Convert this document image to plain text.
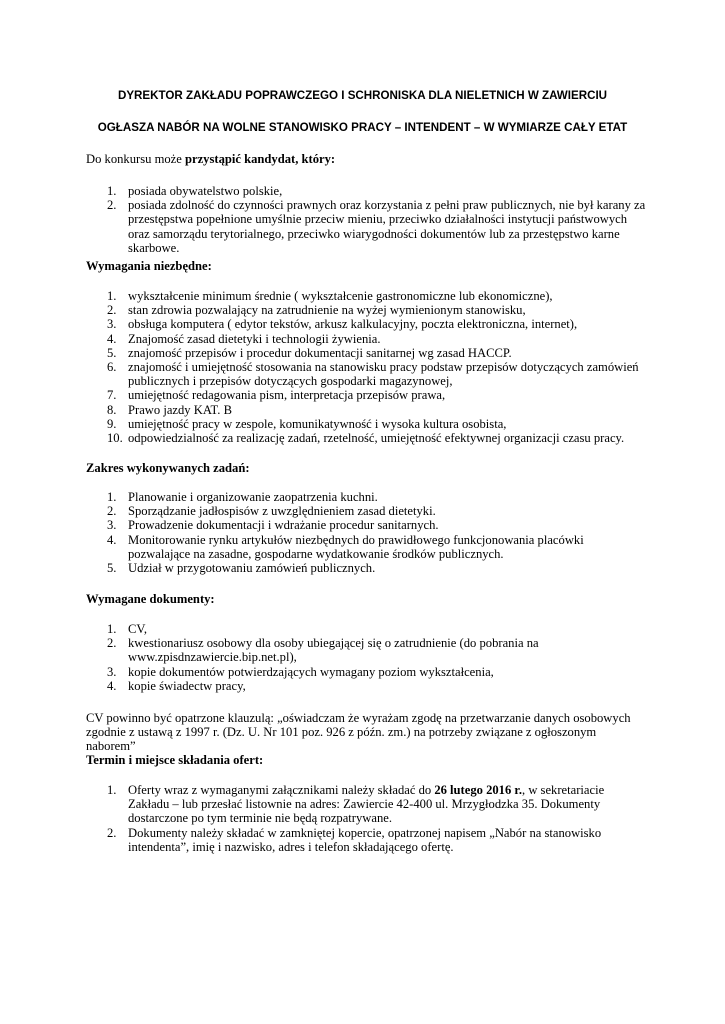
DYREKTOR ZAKŁADU POPRAWCZEGO I SCHRONISKA DLA NIELETNICH W ZAWIERCIU
OGŁASZA NABÓR NA WOLNE STANOWISKO PRACY – INTENDENT – W WYMIARZE CAŁY ETAT
Do konkursu może przystąpić kandydat, który:
1. posiada obywatelstwo polskie,
2. posiada zdolność do czynności prawnych oraz korzystania z pełni praw publicznych, nie był karany za przestępstwa popełnione umyślnie przeciw mieniu, przeciwko działalności instytucji państwowych oraz samorządu terytorialnego, przeciwko wiarygodności dokumentów lub za przestępstwo karne skarbowe.
Wymagania niezbędne:
1. wykształcenie minimum średnie ( wykształcenie gastronomiczne lub ekonomiczne),
2. stan zdrowia pozwalający na zatrudnienie na wyżej wymienionym stanowisku,
3. obsługa komputera ( edytor tekstów, arkusz kalkulacyjny, poczta elektroniczna, internet),
4. Znajomość zasad dietetyki i technologii żywienia.
5. znajomość przepisów i procedur dokumentacji sanitarnej wg zasad HACCP.
6. znajomość i umiejętność stosowania na stanowisku pracy podstaw przepisów dotyczących zamówień publicznych i przepisów dotyczących gospodarki magazynowej,
7. umiejętność redagowania pism, interpretacja przepisów prawa,
8. Prawo jazdy KAT. B
9. umiejętność pracy w zespole, komunikatywność i wysoka kultura osobista,
10. odpowiedzialność za realizację zadań, rzetelność, umiejętność efektywnej organizacji czasu pracy.
Zakres wykonywanych zadań:
1. Planowanie i organizowanie zaopatrzenia kuchni.
2. Sporządzanie jadłospisów z uwzględnieniem zasad dietetyki.
3. Prowadzenie dokumentacji i wdrażanie procedur sanitarnych.
4. Monitorowanie rynku artykułów niezbędnych do prawidłowego funkcjonowania placówki pozwalające na zasadne, gospodarne wydatkowanie środków publicznych.
5. Udział w przygotowaniu zamówień publicznych.
Wymagane dokumenty:
1. CV,
2. kwestionariusz osobowy dla osoby ubiegającej się o zatrudnienie (do pobrania na www.zpisdnzawiercie.bip.net.pl),
3. kopie dokumentów potwierdzających wymagany poziom wykształcenia,
4. kopie świadectw pracy,
CV powinno być opatrzone klauzulą: „oświadczam że wyrażam zgodę na przetwarzanie danych osobowych zgodnie z ustawą z 1997 r. (Dz. U. Nr 101 poz. 926 z późn. zm.) na potrzeby związane z ogłoszonym naborem”
Termin i miejsce składania ofert:
1. Oferty wraz z wymaganymi załącznikami należy składać do 26 lutego 2016 r., w sekretariacie Zakładu – lub przesłać listownie na adres: Zawiercie 42-400 ul. Mrzygłodzka 35. Dokumenty dostarczone po tym terminie nie będą rozpatrywane.
2. Dokumenty należy składać w zamkniętej kopercie, opatrzonej napisem „Nabór na stanowisko intendenta”, imię i nazwisko, adres i telefon składającego ofertę.
